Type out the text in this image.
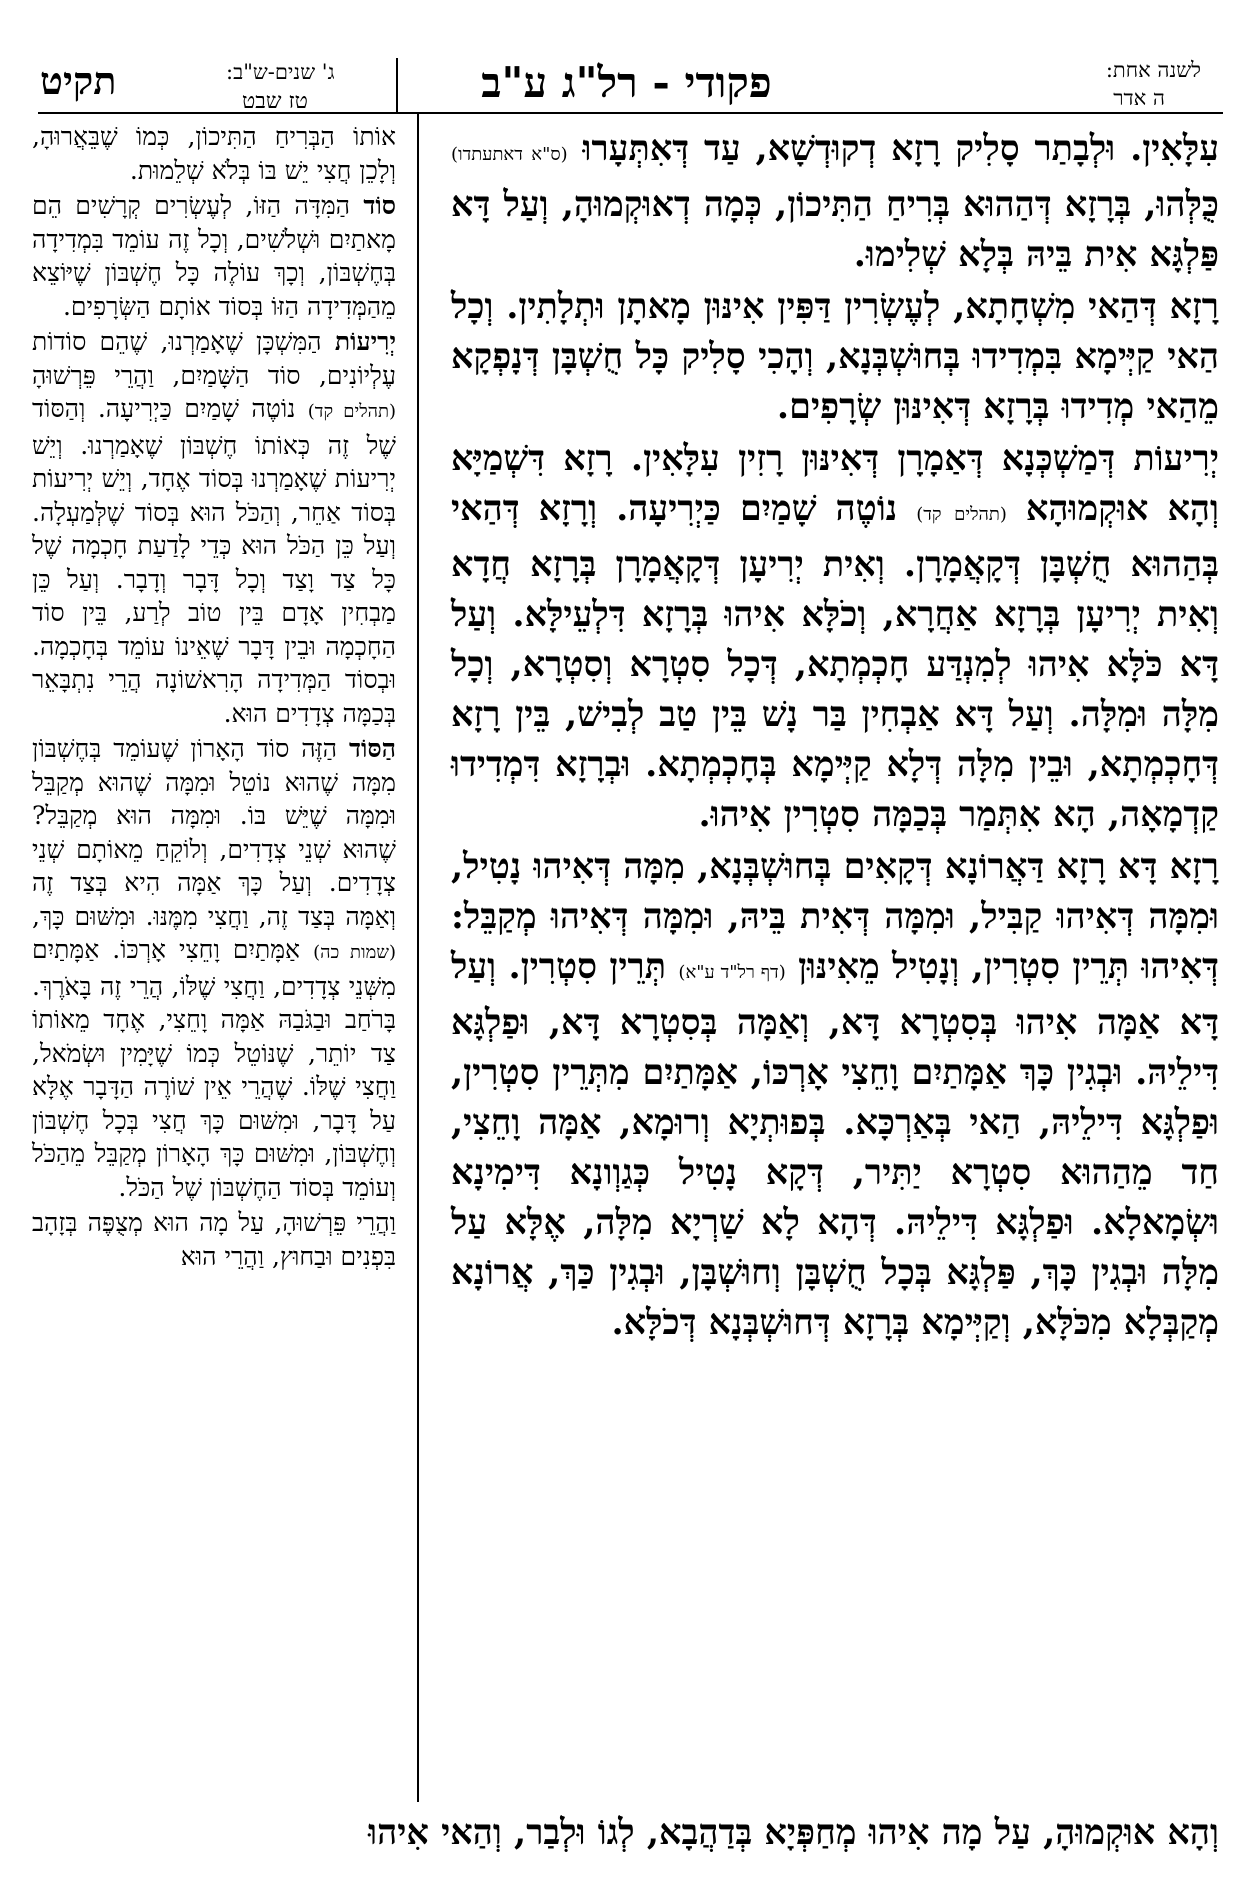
לשנה אחת:
ה אדר
פקודי - רל"ג ע"ב
ג' שנים-ש"ב:
טז שבט
תקיט

עִלָּאִין. וּלְבָתַר סָלִיק רָזָא דְקוּדְשָׁא, עַד דְּאִתְּעָרוּ (ס"א דאתעתדו) כֻּלְּהוּ, בְּרָזָא דְּהַהוּא בְּרִיחַ הַתִּיכוֹן, כְּמָה דְאוּקְמוּהָ, וְעַל דָּא פַּלְגָּא אִית בֵּיהּ בְּלָא שְׁלִימוּ.

רָזָא דְּהַאי מִשְׁחָתָא, לְעֶשְׂרִין דַּפִּין אִינּוּן מָאתָן וּתְלָתִין. וְכָל הַאי קַיְּימָא בִּמְדִידוּ בְּחוּשְׁבְּנָא, וְהָכִי סָלִיק כָּל חֻשְׁבָּן דְּנָפְקָא מֵהַאי מְדִידוּ בְּרָזָא דְּאִינּוּן שְׂרָפִים.

יְרִיעוֹת דְּמַשְׁכְּנָא דְּאַמָרָן דְּאִינּוּן רָזִין עִלָּאִין. רָזָא דִּשְׁמַיָּא וְהָא אוּקְמוּהָא (תהלים קד) נוֹטֶה שָׁמַיִם כַּיְרִיעָה. וְרָזָא דְּהַאי בְּהַהוּא חֻשְׁבָּן דְּקָאֲמָרָן. וְאִית יְרִיעָן דְּקָאֲמָרָן בְּרָזָא חֲדָא וְאִית יְרִיעָן בְּרָזָא אַחֲרָא, וְכֹלָּא אִיהוּ בְּרָזָא דִּלְעֵילָּא. וְעַל דָּא כֹּלָּא אִיהוּ לְמִנְדַּע חָכְמְתָא, דְּכָל סִטְרָא וְסִטְרָא, וְכָל מִלָּה וּמִלָּה. וְעַל דָּא אַבְחִין בַּר נָשׁ בֵּין טַב לְבִישׁ, בֵּין רָזָא דְּחָכְמְתָא, וּבֵין מִלָּה דְּלָא קַיְּימָא בְּחָכְמְתָא. וּבְרָזָא דִּמְדִידוּ קַדְמָאָה, הָא אִתְּמַר בְּכַמָּה סִטְרִין אִיהוּ.

רָזָא דָּא רָזָא דַּאֲרוֹנָא דְּקָאִים בְּחוּשְׁבְּנָא, מִמָּה דְּאִיהוּ נָטִיל, וּמִמָּה דְּאִיהוּ קַבִּיל, וּמִמָּה דְּאִית בֵּיהּ, וּמִמָּה דְּאִיהוּ מְקַבֵּל: דְּאִיהוּ תְּרֵין סִטְרִין, וְנָטִיל מֵאִינּוּן (דף רל"ד ע"א) תְּרֵין סִטְרִין. וְעַל דָּא אַמָּה אִיהוּ בְּסִטְרָא דָּא, וְאַמָּה בְּסִטְרָא דָּא, וּפַלְגָּא דִּילֵיהּ. וּבְגִין כָּךְ אַמָּתַיִם וָחֵצִי אָרְכּוֹ, אַמָּתַיִם מִתְּרֵין סִטְרִין, וּפַלְגָּא דִּילֵיהּ, הַאי בְּאַרְכָּא. בְּפוּתְיָא וְרוּמָא, אַמָּה וָחֵצִי, חַד מֵהַהוּא סִטְרָא יַתִּיר, דְּקָא נָטִיל כְּגַוְונָא דִּימִינָא וּשְׂמָאלָא. וּפַלְגָּא דִּילֵיהּ. דְּהָא לָא שַׁרְיָא מִלָּה, אֶלָּא עַל מִלָּה וּבְגִין כָּךְ, פַּלְגָּא בְּכָל חֻשְׁבָּן וְחוּשְׁבָּן, וּבְגִין כַּךְ, אֲרוֹנָא מְקַבְּלָא מִכֹּלָּא, וְקַיְּימָא בְּרָזָא דְּחוּשְׁבְּנָא דְּכֹלָּא.

אוֹתוֹ הַבְּרִיחַ הַתִּיכוֹן, כְּמוֹ שֶׁבֵּאֲרוּהָ, וְלָכֵן חֲצִי יֵשׁ בּוֹ בְּלֹא שְׁלֵמוּת.

סוֹד הַמִּדָּה הַזּוֹ, לְעֶשְׂרִים קְרָשִׁים הֵם מָאתַיִם וּשְׁלֹשִׁים, וְכָל זֶה עוֹמֵד בִּמְדִידָה בְּחֶשְׁבּוֹן, וְכָךְ עוֹלֶה כָּל חֶשְׁבּוֹן שֶׁיּוֹצֵא מֵהַמְּדִידָה הַזּוֹ בְּסוֹד אוֹתָם הַשְּׂרָפִים.

יְרִיעוֹת הַמִּשְׁכָּן שֶׁאָמַרְנוּ, שֶׁהֵם סוֹדוֹת עֶלְיוֹנִים, סוֹד הַשָּׁמַיִם, וַהֲרֵי פֵּרְשׁוּהָ (תהלים קד) נוֹטֶה שָׁמַיִם כַּיְרִיעָה. וְהַסּוֹד שֶׁל זֶה כְּאוֹתוֹ חֶשְׁבּוֹן שֶׁאָמַרְנוּ. וְיֵשׁ יְרִיעוֹת שֶׁאָמַרְנוּ בְּסוֹד אֶחָד, וְיֵשׁ יְרִיעוֹת בְּסוֹד אַחֵר, וְהַכֹּל הוּא בְּסוֹד שֶׁלְּמַעְלָה. וְעַל כֵּן הַכֹּל הוּא כְּדֵי לָדַעַת חָכְמָה שֶׁל כָּל צַד וָצַד וְכָל דָּבָר וְדָבָר. וְעַל כֵּן מַבְחִין אָדָם בֵּין טוֹב לְרַע, בֵּין סוֹד הַחָכְמָה וּבֵין דָּבָר שֶׁאֵינוֹ עוֹמֵד בְּחָכְמָה. וּבְסוֹד הַמְּדִידָה הָרִאשׁוֹנָה הֲרֵי נִתְבָּאֵר בְּכַמָּה צְדָדִים הוּא.

הַסּוֹד הַזֶּה סוֹד הָאָרוֹן שֶׁעוֹמֵד בְּחֶשְׁבּוֹן מִמָּה שֶׁהוּא נוֹטֵל וּמִמָּה שֶׁהוּא מְקַבֵּל וּמִמָּה שֶׁיֵּשׁ בּוֹ. וּמִמָּה הוּא מְקַבֵּל? שֶׁהוּא שְׁנֵי צְדָדִים, וְלוֹקֵחַ מֵאוֹתָם שְׁנֵי צְדָדִים. וְעַל כָּךְ אַמָּה הִיא בְּצַד זֶה וְאַמָּה בְּצַד זֶה, וַחֲצִי מִמֶּנּוּ. וּמִשּׁוּם כָּךְ, (שמות כה) אַמָּתַיִם וָחֵצִי אָרְכּוֹ. אַמָּתַיִם מִשְּׁנֵי צְדָדִים, וַחֲצִי שֶׁלּוֹ, הֲרֵי זֶה בָּאֹרֶךְ. בָּרֹחַב וּבַגֹּבַהּ אַמָּה וָחֵצִי, אֶחָד מֵאוֹתוֹ צַד יוֹתֵר, שֶׁנּוֹטֵל כְּמוֹ שֶׁיָּמִין וּשְׂמֹאל, וַחֲצִי שֶׁלּוֹ. שֶׁהֲרֵי אֵין שׁוֹרֶה הַדָּבָר אֶלָּא עַל דָּבָר, וּמִשּׁוּם כָּךְ חֲצִי בְּכָל חֶשְׁבּוֹן וְחֶשְׁבּוֹן, וּמִשּׁוּם כָּךְ הָאָרוֹן מְקַבֵּל מֵהַכֹּל וְעוֹמֵד בְּסוֹד הַחֶשְׁבּוֹן שֶׁל הַכֹּל.

וַהֲרֵי פֵּרְשׁוּהָ, עַל מָה הוּא מְצֻפֶּה בְּזָהָב בִּפְנִים וּבַחוּץ, וַהֲרֵי הוּא

וְהָא אוּקְמוּהָ, עַל מָה אִיהוּ מְחַפְּיָא בְּדַהֲבָא, לְגוֹ וּלְבַר, וְהַאי אִיהוּ
